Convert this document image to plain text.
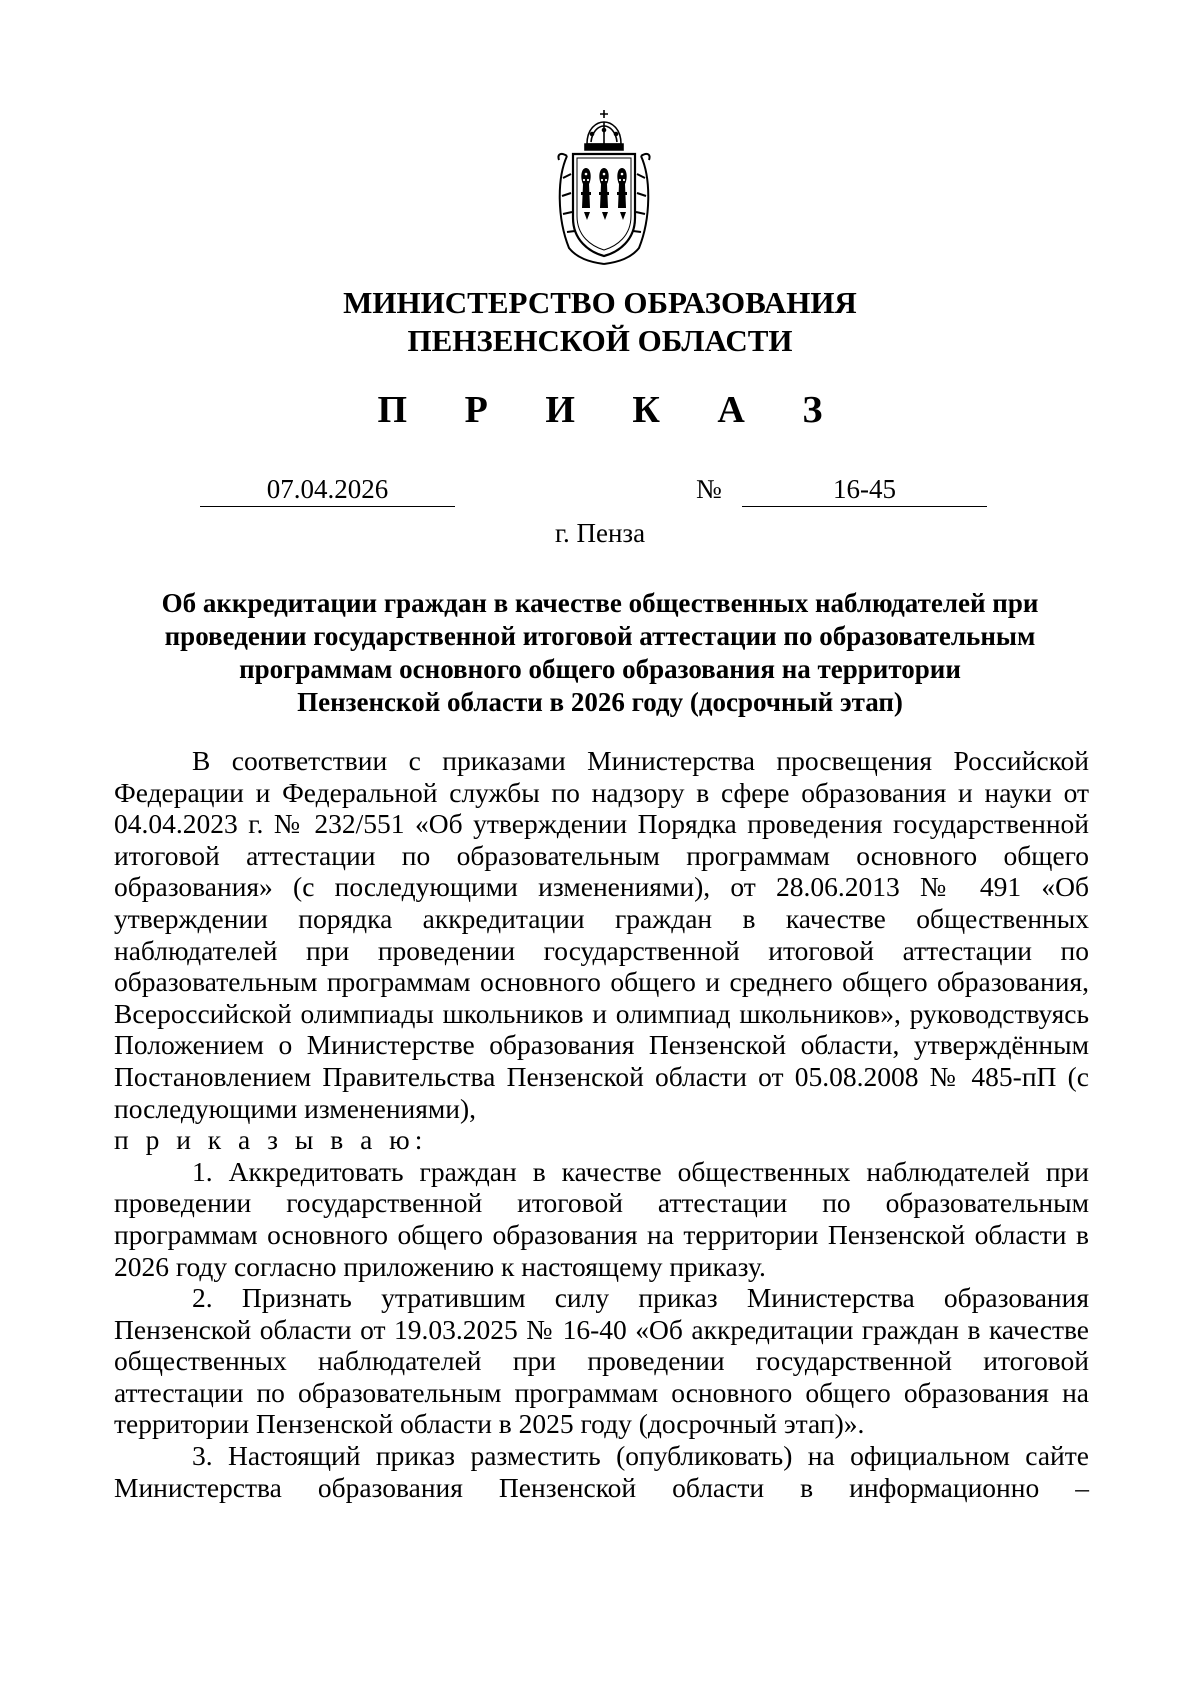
МИНИСТЕРСТВО ОБРАЗОВАНИЯ
ПЕНЗЕНСКОЙ ОБЛАСТИ
П Р И К А З
07.04.2026	№	16-45
г. Пенза
Об аккредитации граждан в качестве общественных наблюдателей при
проведении государственной итоговой аттестации по образовательным
программам основного общего образования на территории
Пензенской области в 2026 году (досрочный этап)

В соответствии с приказами Министерства просвещения Российской Федерации и Федеральной службы по надзору в сфере образования и науки от 04.04.2023 г. № 232/551 «Об утверждении Порядка проведения государственной итоговой аттестации по образовательным программам основного общего образования» (с последующими изменениями), от 28.06.2013 № 491 «Об утверждении порядка аккредитации граждан в качестве общественных наблюдателей при проведении государственной итоговой аттестации по образовательным программам основного общего и среднего общего образования, Всероссийской олимпиады школьников и олимпиад школьников», руководствуясь Положением о Министерстве образования Пензенской области, утверждённым Постановлением Правительства Пензенской области от 05.08.2008 № 485-пП (с последующими изменениями),

п р и к а з ы в а ю:

1. Аккредитовать граждан в качестве общественных наблюдателей при проведении государственной итоговой аттестации по образовательным программам основного общего образования на территории Пензенской области в 2026 году согласно приложению к настоящему приказу.

2. Признать утратившим силу приказ Министерства образования Пензенской области от 19.03.2025 № 16-40 «Об аккредитации граждан в качестве общественных наблюдателей при проведении государственной итоговой аттестации по образовательным программам основного общего образования на территории Пензенской области в 2025 году (досрочный этап)».

3. Настоящий приказ разместить (опубликовать) на официальном сайте Министерства образования Пензенской области в информационно –
